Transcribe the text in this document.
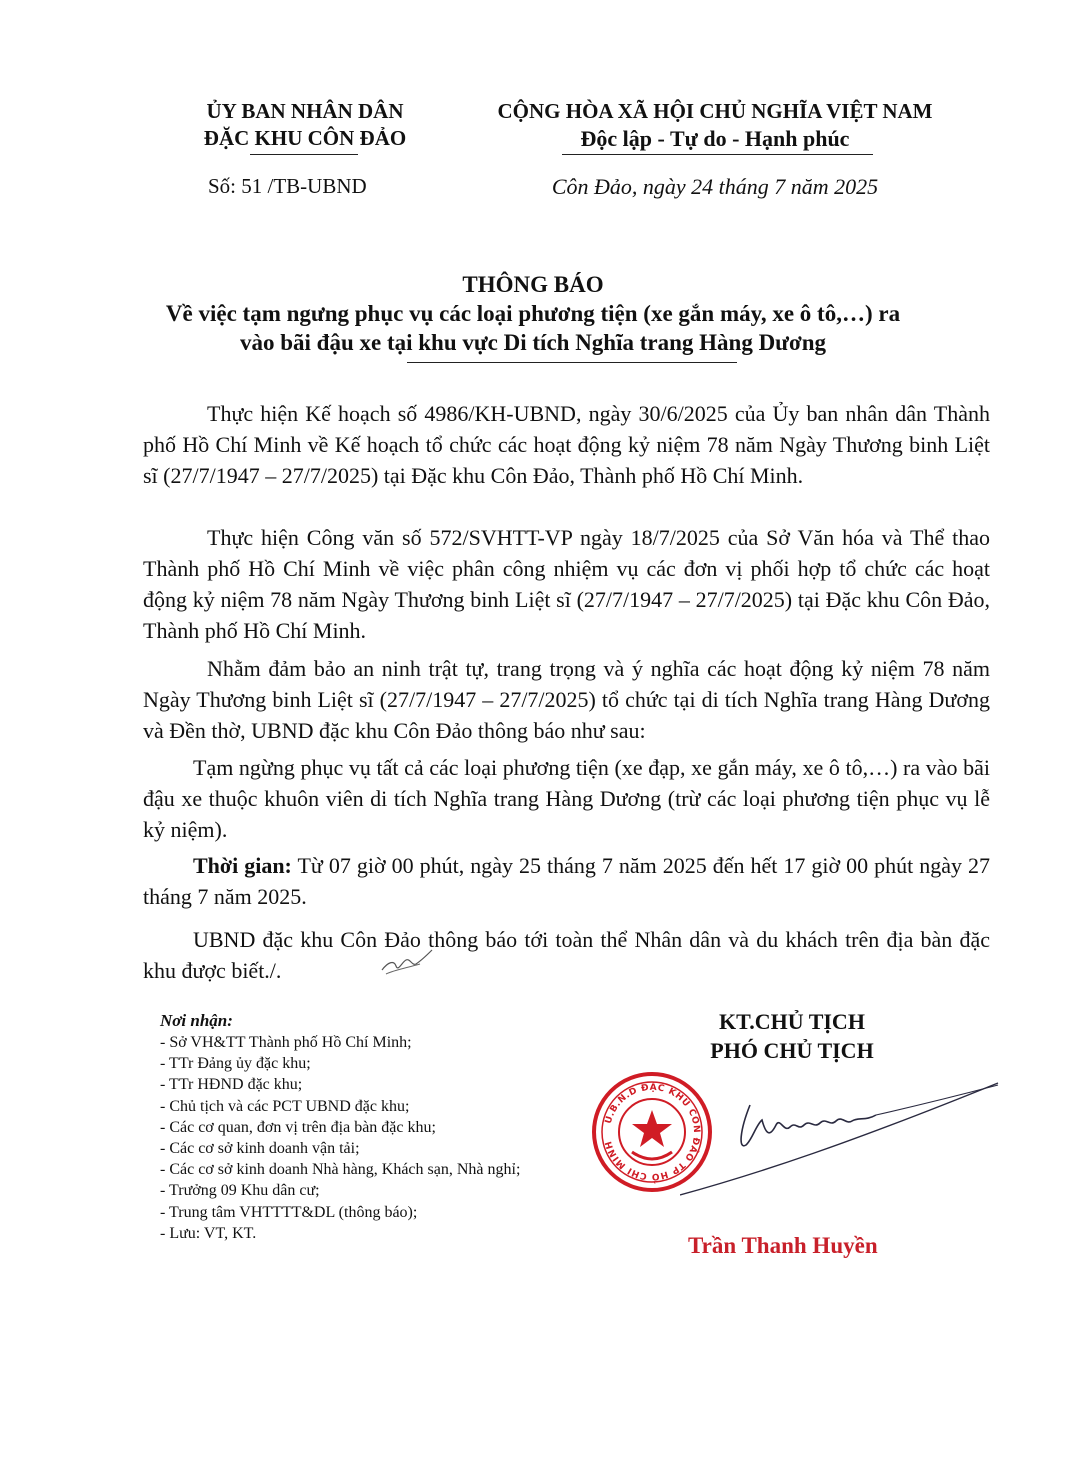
ỦY BAN NHÂN DÂN
ĐẶC KHU CÔN ĐẢO
Số: 51 /TB-UBND
CỘNG HÒA XÃ HỘI CHỦ NGHĨA VIỆT NAM
Độc lập - Tự do - Hạnh phúc
Côn Đảo, ngày 24 tháng 7 năm 2025
THÔNG BÁO
Về việc tạm ngưng phục vụ các loại phương tiện (xe gắn máy, xe ô tô,…) ra
vào bãi đậu xe tại khu vực Di tích Nghĩa trang Hàng Dương
Thực hiện Kế hoạch số 4986/KH-UBND, ngày 30/6/2025 của Ủy ban nhân dân Thành phố Hồ Chí Minh về Kế hoạch tổ chức các hoạt động kỷ niệm 78 năm Ngày Thương binh Liệt sĩ (27/7/1947 – 27/7/2025) tại Đặc khu Côn Đảo, Thành phố Hồ Chí Minh.
Thực hiện Công văn số 572/SVHTT-VP ngày 18/7/2025 của Sở Văn hóa và Thể thao Thành phố Hồ Chí Minh về việc phân công nhiệm vụ các đơn vị phối hợp tổ chức các hoạt động kỷ niệm 78 năm Ngày Thương binh Liệt sĩ (27/7/1947 – 27/7/2025) tại Đặc khu Côn Đảo, Thành phố Hồ Chí Minh.
Nhằm đảm bảo an ninh trật tự, trang trọng và ý nghĩa các hoạt động kỷ niệm 78 năm Ngày Thương binh Liệt sĩ (27/7/1947 – 27/7/2025) tổ chức tại di tích Nghĩa trang Hàng Dương và Đền thờ, UBND đặc khu Côn Đảo thông báo như sau:
Tạm ngừng phục vụ tất cả các loại phương tiện (xe đạp, xe gắn máy, xe ô tô,…) ra vào bãi đậu xe thuộc khuôn viên di tích Nghĩa trang Hàng Dương (trừ các loại phương tiện phục vụ lễ kỷ niệm).
Thời gian: Từ 07 giờ 00 phút, ngày 25 tháng 7 năm 2025 đến hết 17 giờ 00 phút ngày 27 tháng 7 năm 2025.
UBND đặc khu Côn Đảo thông báo tới toàn thể Nhân dân và du khách trên địa bàn đặc khu được biết./.
Nơi nhận:
- Sở VH&TT Thành phố Hồ Chí Minh;
- TTr Đảng ủy đặc khu;
- TTr HĐND đặc khu;
- Chủ tịch và các PCT UBND đặc khu;
- Các cơ quan, đơn vị trên địa bàn đặc khu;
- Các cơ sở kinh doanh vận tải;
- Các cơ sở kinh doanh Nhà hàng, Khách sạn, Nhà nghỉ;
- Trưởng 09 Khu dân cư;
- Trung tâm VHTTTT&DL (thông báo);
- Lưu: VT, KT.
KT.CHỦ TỊCH
PHÓ CHỦ TỊCH
U.B.N.D ĐẶC KHU CÔN ĐẢO TP HỒ CHÍ MINH
Trần Thanh Huyền
